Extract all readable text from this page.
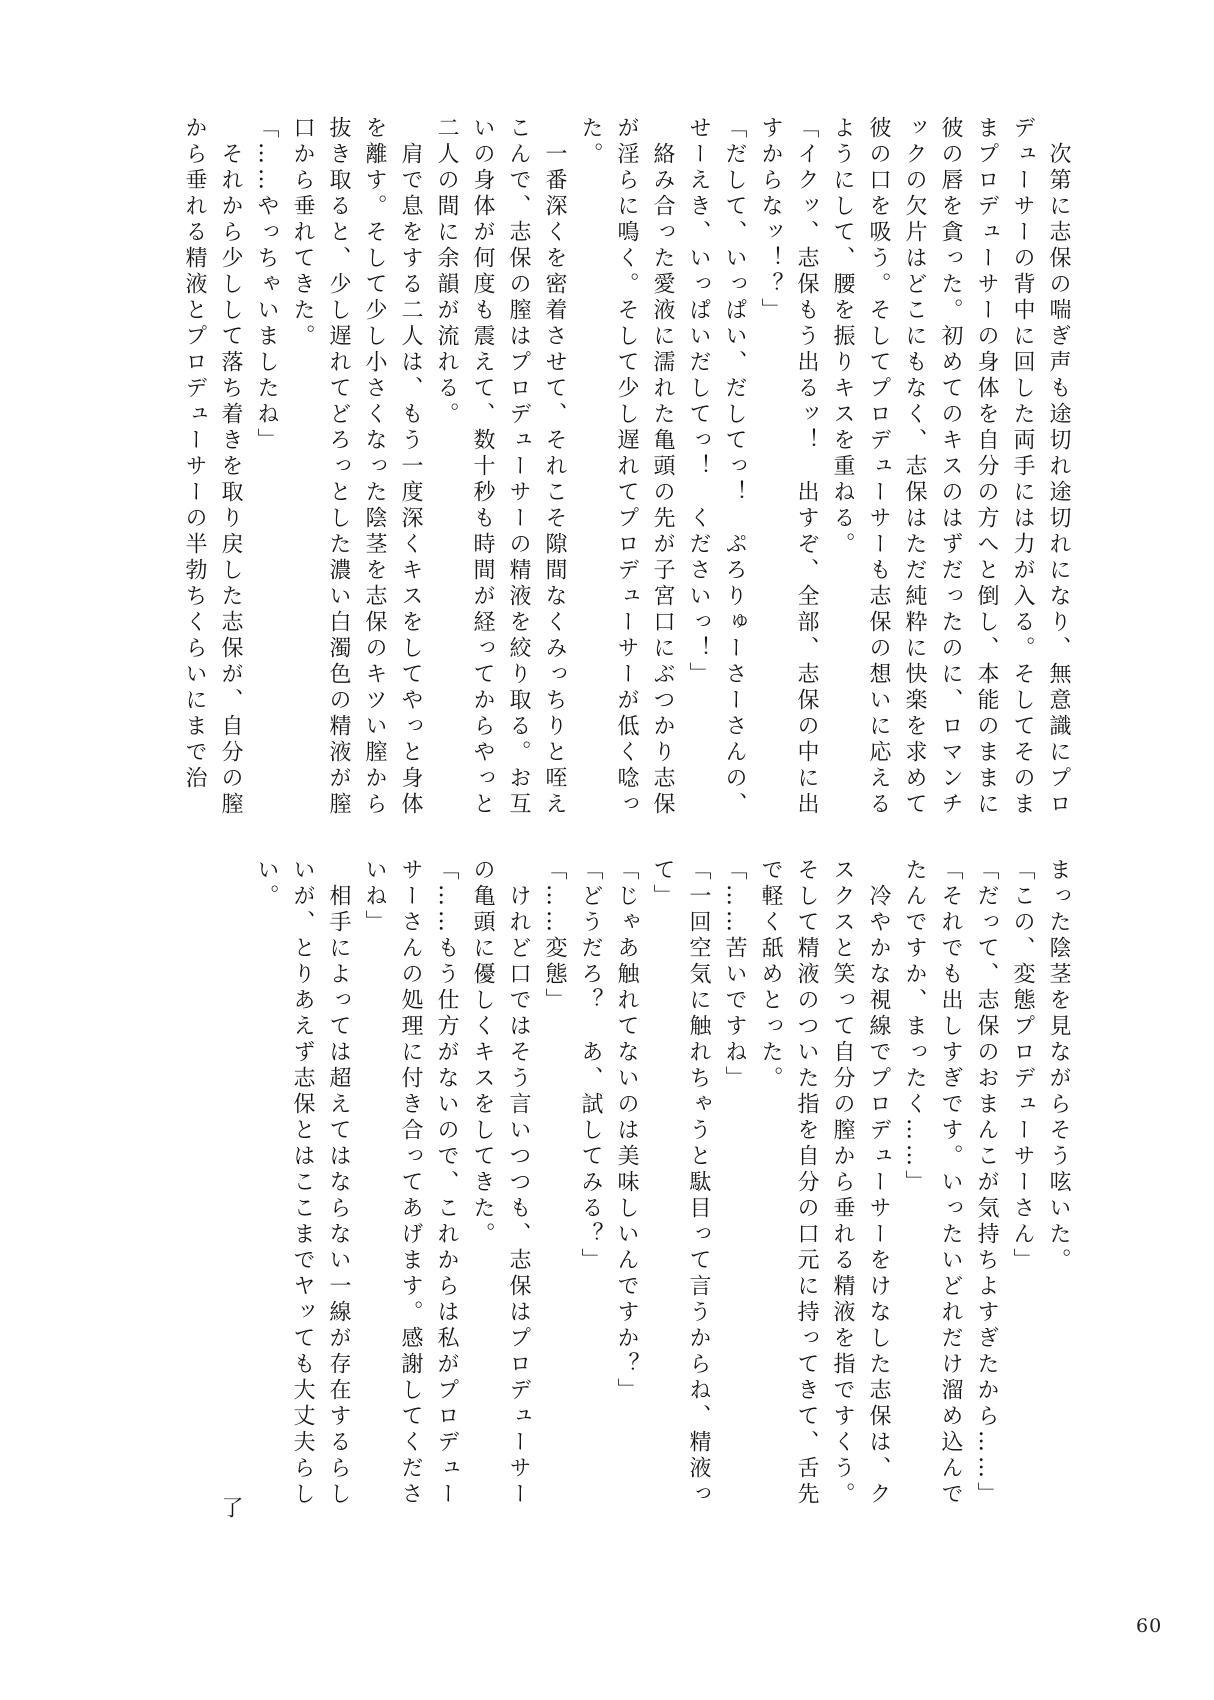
　次第に志保の喘ぎ声も途切れ途切れになり、無意識にプロデューサーの背中に回した両手には力が入る。そしてそのままプロデューサーの身体を自分の方へと倒し、本能のままに彼の唇を貪った。初めてのキスのはずだったのに、ロマンチックの欠片はどこにもなく、志保はただ純粋に快楽を求めて彼の口を吸う。そしてプロデューサーも志保の想いに応えるようにして、腰を振りキスを重ねる。

「イクッ、志保もう出るッ！　出すぞ、全部、志保の中に出すからなッ！？」

「だして、いっぱい、だしてっ！　ぷろりゅーさーさんの、せーえき、いっぱいだしてっ！　くださいっ！」

　絡み合った愛液に濡れた亀頭の先が子宮口にぶつかり志保が淫らに鳴く。そして少し遅れてプロデューサーが低く唸った。

　一番深くを密着させて、それこそ隙間なくみっちりと咥えこんで、志保の膣はプロデューサーの精液を絞り取る。お互いの身体が何度も震えて、数十秒も時間が経ってからやっと二人の間に余韻が流れる。

　肩で息をする二人は、もう一度深くキスをしてやっと身体を離す。そして少し小さくなった陰茎を志保のキツい膣から抜き取ると、少し遅れてどろっとした濃い白濁色の精液が膣口から垂れてきた。

「……やっちゃいましたね」

　それから少しして落ち着きを取り戻した志保が、自分の膣から垂れる精液とプロデューサーの半勃ちくらいにまで治

まった陰茎を見ながらそう呟いた。

「この、変態プロデューサーさん」

「だって、志保のおまんこが気持ちよすぎたから……」

「それでも出しすぎです。いったいどれだけ溜め込んでたんですか、まったく……」

　冷やかな視線でプロデューサーをけなした志保は、クスクスと笑って自分の膣から垂れる精液を指ですくう。そして精液のついた指を自分の口元に持ってきて、舌先で軽く舐めとった。

「……苦いですね」

「一回空気に触れちゃうと駄目って言うからね、精液って」

「じゃあ触れてないのは美味しいんですか？」

「どうだろ？　あ、試してみる？」

「……変態」

　けれど口ではそう言いつつも、志保はプロデューサーの亀頭に優しくキスをしてきた。

「……もう仕方がないので、これからは私がプロデューサーさんの処理に付き合ってあげます。感謝してくださいね」

　相手によっては超えてはならない一線が存在するらしいが、とりあえず志保とはここまでヤッても大丈夫らしい。

了

60
